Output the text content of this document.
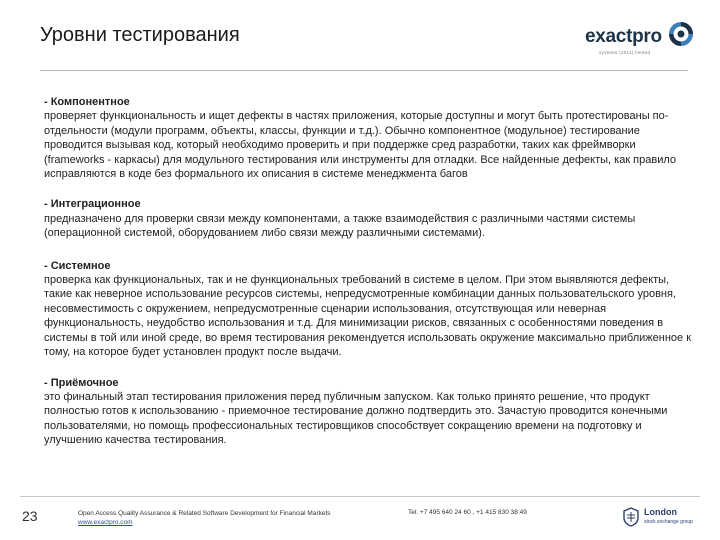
Уровни тестирования	exactpro
systems (2011) limited
- Компонентное
проверяет функциональность и ищет дефекты в частях приложения, которые доступны и могут быть протестированы по-отдельности (модули программ, объекты, классы, функции и т.д.). Обычно компонентное (модульное) тестирование проводится вызывая код, который необходимо проверить и при поддержке сред разработки, таких как фреймворки (frameworks - каркасы) для модульного тестирования или инструменты для отладки. Все найденные дефекты, как правило исправляются в коде без формального их описания в системе менеджмента багов
- Интеграционное
предназначено для проверки связи между компонентами, а также взаимодействия с различными частями системы (операционной системой, оборудованием либо связи между различными системами).
- Системное
проверка как функциональных, так и не функциональных требований в системе в целом. При этом выявляются дефекты, такие как неверное использование ресурсов системы, непредусмотренные комбинации данных пользовательского уровня, несовместимость с окружением, непредусмотренные сценарии использования, отсутствующая или неверная функциональность, неудобство использования и т.д. Для минимизации рисков, связанных с особенностями поведения в системы в той или иной среде, во время тестирования рекомендуется использовать окружение максимально приближенное к тому, на которое будет установлен продукт после выдачи.
- Приёмочное
это финальный этап тестирования приложения перед публичным запуском. Как только принято решение, что продукт полностью готов к использованию - приемочное тестирование должно подтвердить это. Зачастую проводится конечными пользователями, но помощь профессиональных тестировщиков способствует сокращению времени на подготовку и улучшению качества тестирования.
23	Open Access Quality Assurance & Related Software Development for Financial Markets
www.exactpro.com
Tel: +7 495 640 24 60 , +1 415 830 38 49	London
stock exchange group
